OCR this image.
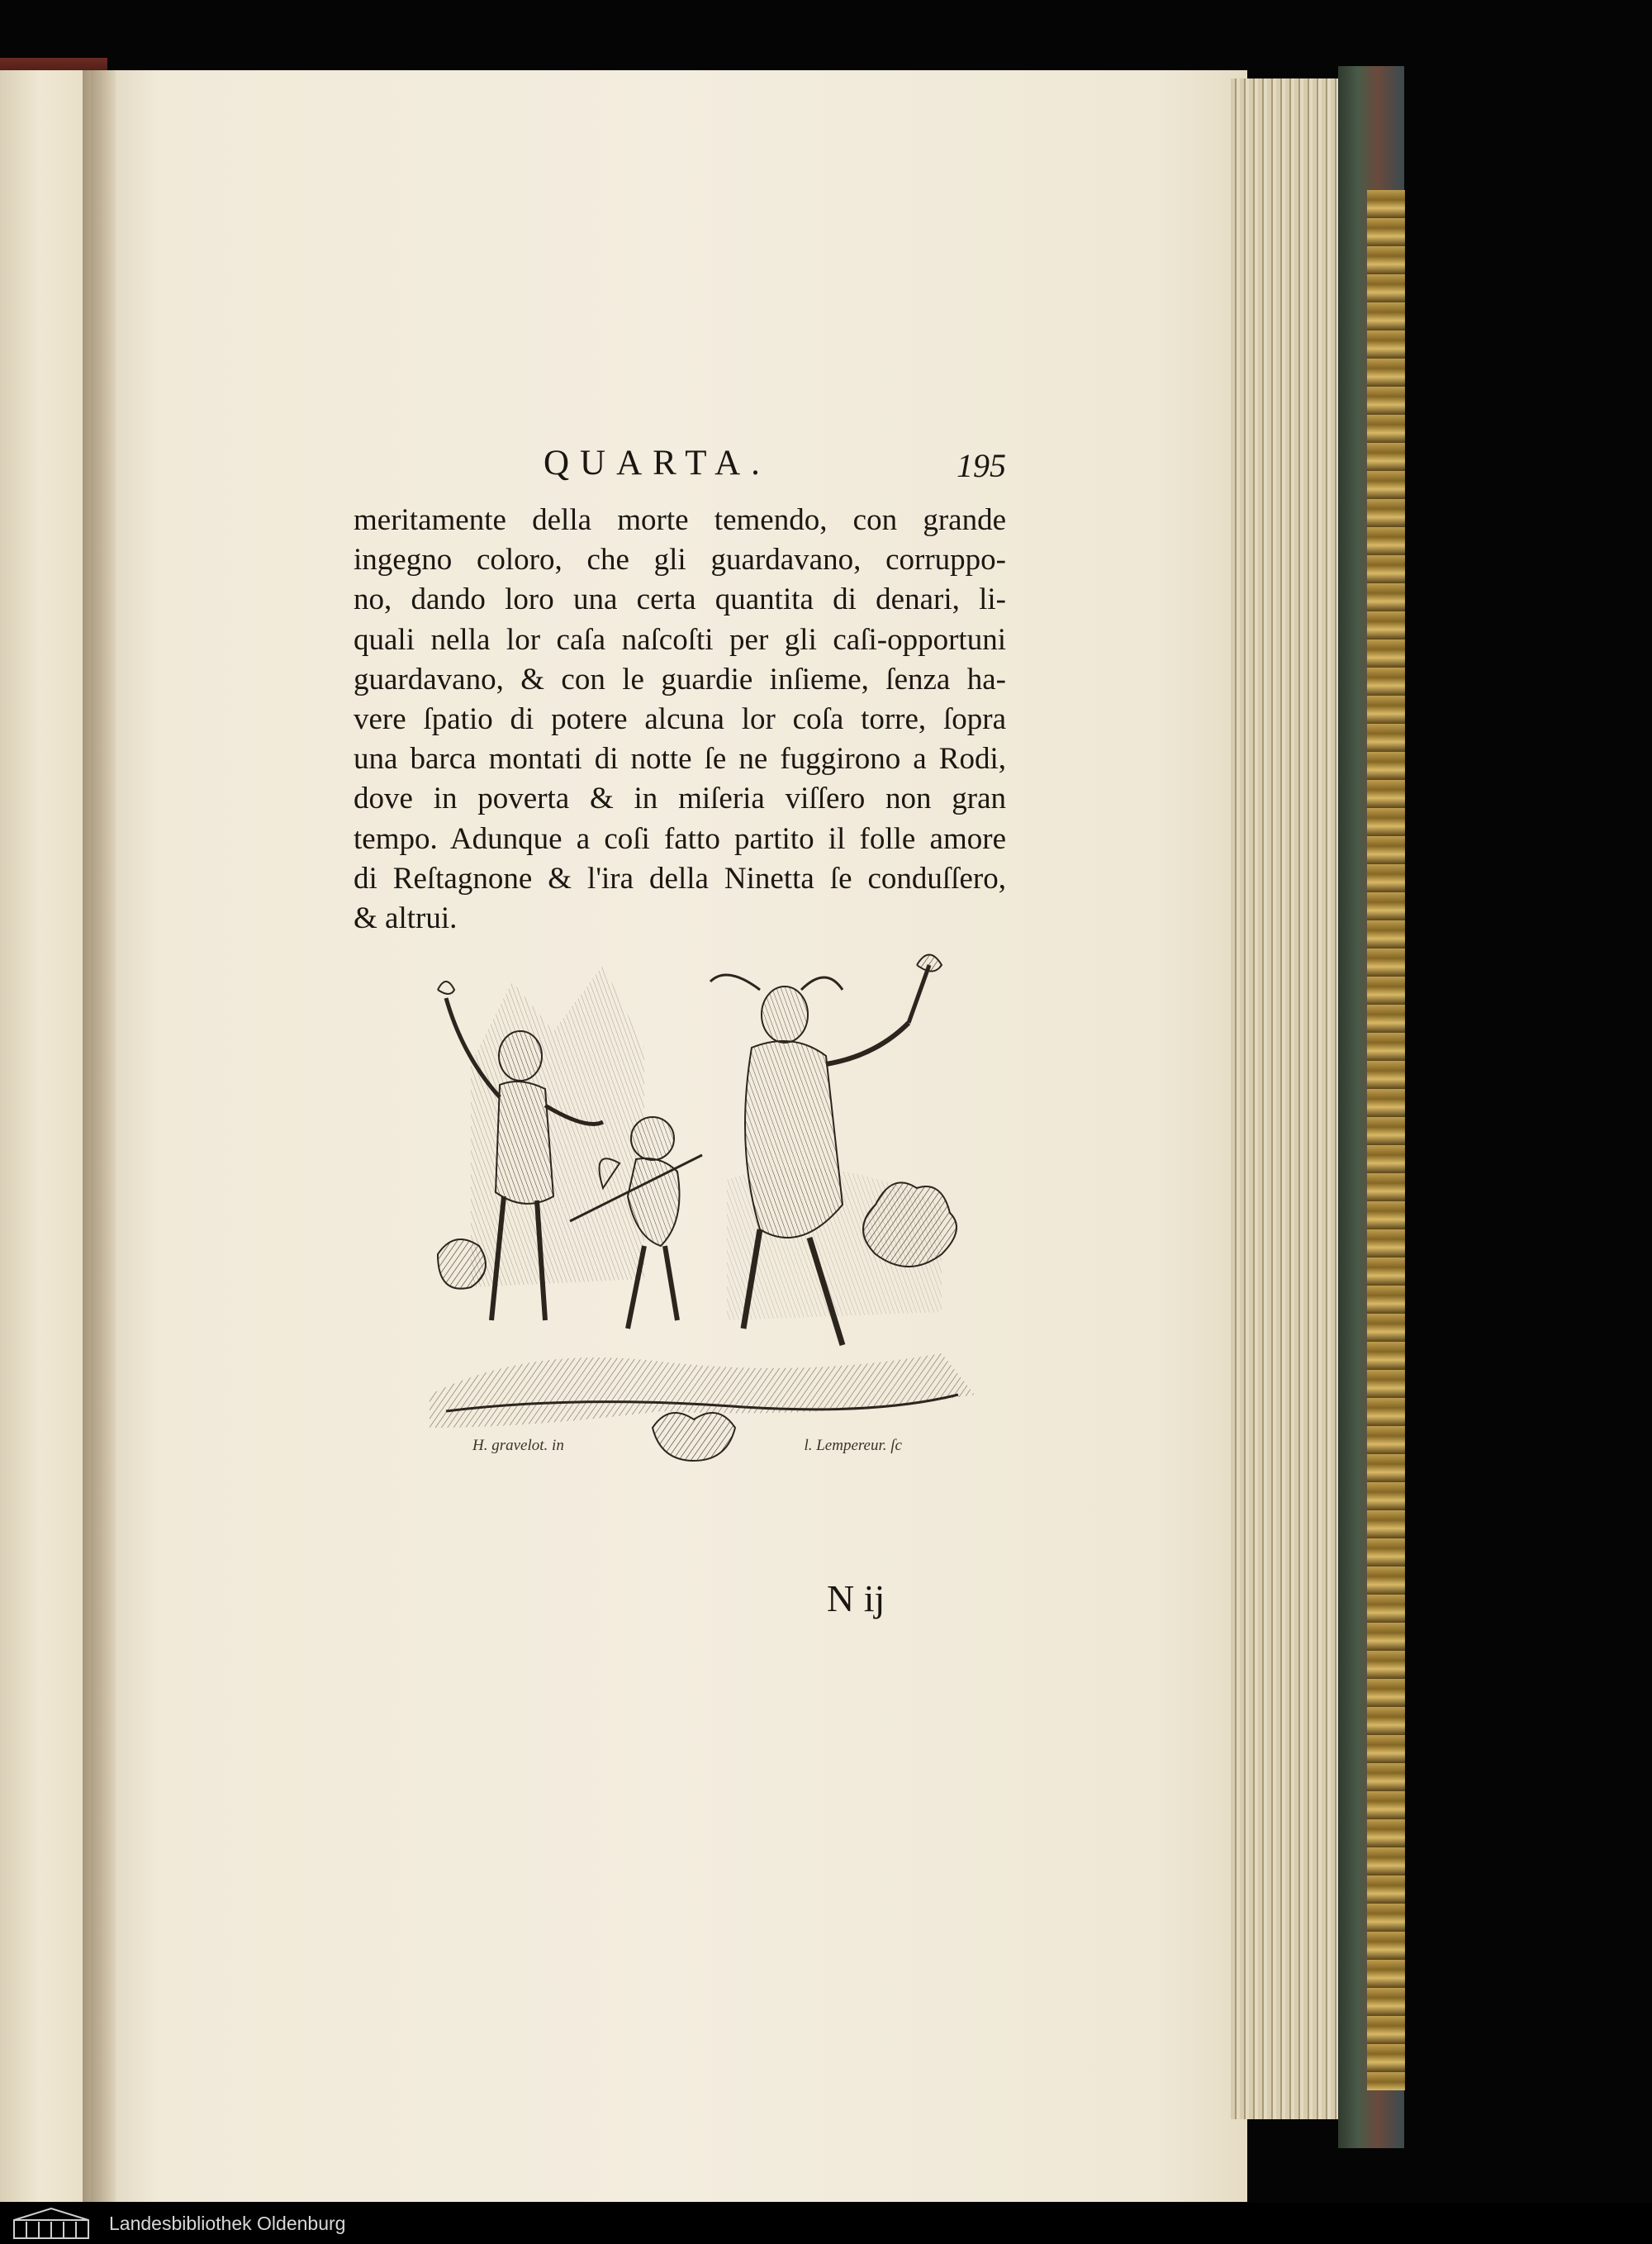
QUARTA.	195
meritamente della morte temendo, con grande
ingegno coloro, che gli guardavano, corruppo-
no, dando loro una certa quantita di denari, li-
quali nella lor caſa naſcoſti per gli caſi-opportuni
guardavano, & con le guardie inſieme, ſenza ha-
vere ſpatio di potere alcuna lor coſa torre, ſopra
una barca montati di notte ſe ne fuggirono a Rodi,
dove in poverta & in miſeria viſſero non gran
tempo. Adunque a coſi fatto partito il folle amore
di Reſtagnone & l'ira della Ninetta ſe conduſſero,
& altrui.
H. gravelot. in	l. Lempereur. ſc
N ij
Landesbibliothek Oldenburg
